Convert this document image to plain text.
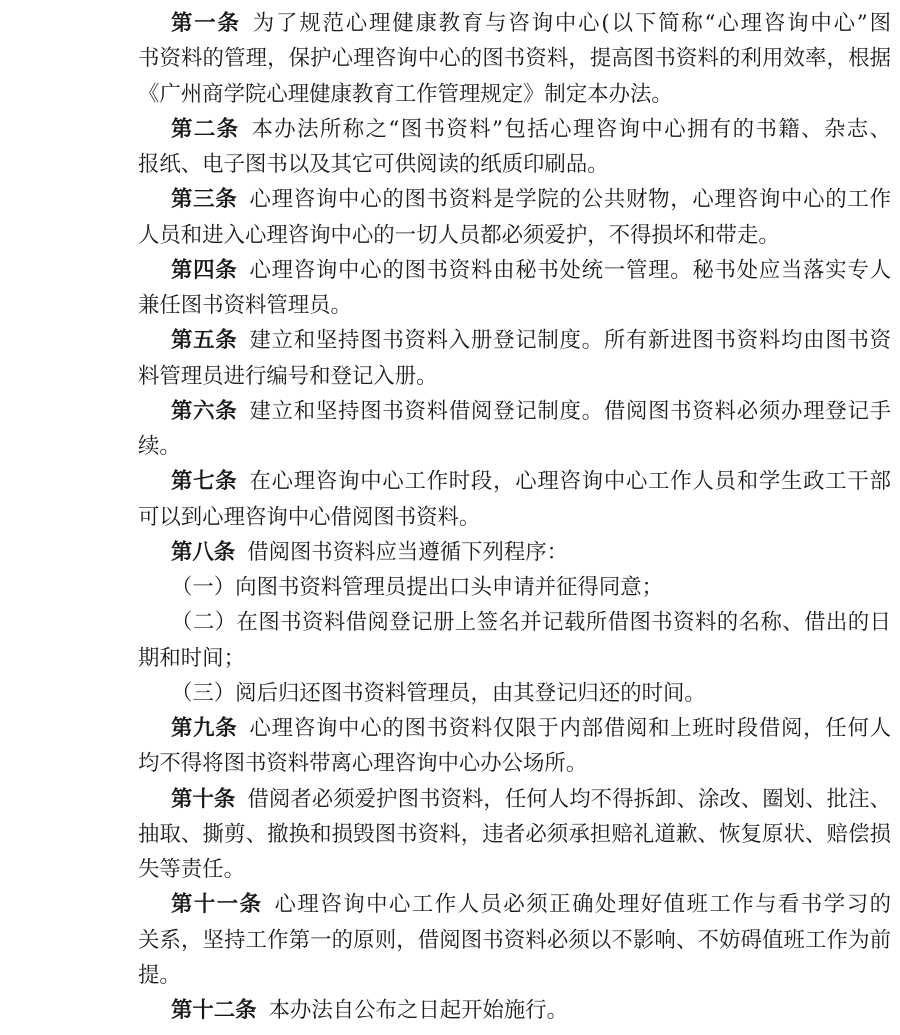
第一条 为了规范心理健康教育与咨询中心(以下简称“心理咨询中心”图
书资料的管理，保护心理咨询中心的图书资料，提高图书资料的利用效率，根据
《广州商学院心理健康教育工作管理规定》制定本办法。
第二条 本办法所称之“图书资料”包括心理咨询中心拥有的书籍、杂志、
报纸、电子图书以及其它可供阅读的纸质印刷品。
第三条 心理咨询中心的图书资料是学院的公共财物，心理咨询中心的工作
人员和进入心理咨询中心的一切人员都必须爱护，不得损坏和带走。
第四条 心理咨询中心的图书资料由秘书处统一管理。秘书处应当落实专人
兼任图书资料管理员。
第五条 建立和坚持图书资料入册登记制度。所有新进图书资料均由图书资
料管理员进行编号和登记入册。
第六条 建立和坚持图书资料借阅登记制度。借阅图书资料必须办理登记手
续。
第七条 在心理咨询中心工作时段，心理咨询中心工作人员和学生政工干部
可以到心理咨询中心借阅图书资料。
第八条 借阅图书资料应当遵循下列程序：
（一）向图书资料管理员提出口头申请并征得同意；
（二）在图书资料借阅登记册上签名并记载所借图书资料的名称、借出的日
期和时间；
（三）阅后归还图书资料管理员，由其登记归还的时间。
第九条 心理咨询中心的图书资料仅限于内部借阅和上班时段借阅，任何人
均不得将图书资料带离心理咨询中心办公场所。
第十条 借阅者必须爱护图书资料，任何人均不得拆卸、涂改、圈划、批注、
抽取、撕剪、撤换和损毁图书资料，违者必须承担赔礼道歉、恢复原状、赔偿损
失等责任。
第十一条 心理咨询中心工作人员必须正确处理好值班工作与看书学习的
关系，坚持工作第一的原则，借阅图书资料必须以不影响、不妨碍值班工作为前
提。
第十二条 本办法自公布之日起开始施行。
